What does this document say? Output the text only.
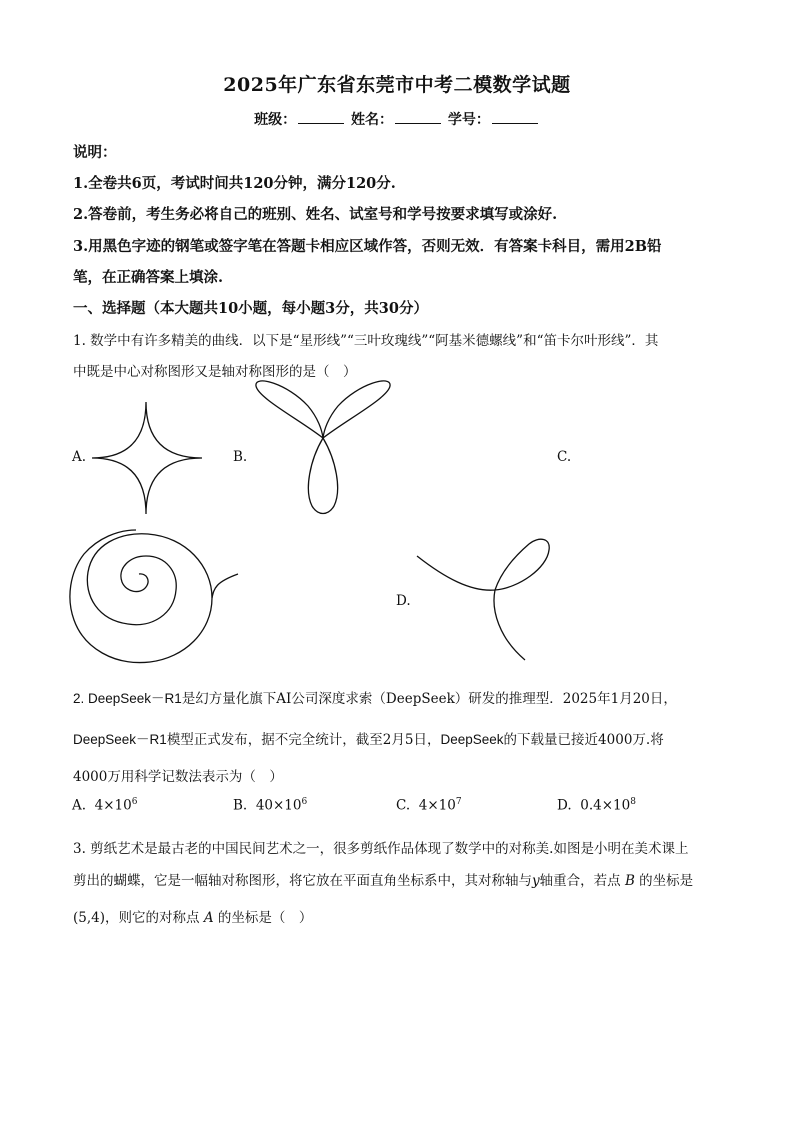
2025年广东省东莞市中考二模数学试题
班级：	姓名：	学号：
说明：
1.全卷共6页，考试时间共120分钟，满分120分.
2.答卷前，考生务必将自己的班别、姓名、试室号和学号按要求填写或涂好.
3.用黑色字迹的钢笔或签字笔在答题卡相应区域作答，否则无效．有答案卡科目，需用2B铅
笔，在正确答案上填涂.
一、选择题（本大题共10小题，每小题3分，共30分）
1. 数学中有许多精美的曲线．以下是“星形线”“三叶玫瑰线”“阿基米德螺线”和“笛卡尔叶形线”．其
中既是中心对称图形又是轴对称图形的是（　）
A.	B.	C.
D.
2. DeepSeek－R1是幻方量化旗下AI公司深度求索（DeepSeek）研发的推理型．2025年1月20日，
DeepSeek－R1模型正式发布，据不完全统计，截至2月5日，DeepSeek的下载量已接近4000万.将
4000万用科学记数法表示为（　）
A. $4\times 10^6$	B. $40\times 10^6$	C. $4\times 10^7$	D. $0.4\times 10^8$
3. 剪纸艺术是最古老的中国民间艺术之一，很多剪纸作品体现了数学中的对称美.如图是小明在美术课上
剪出的蝴蝶，它是一幅轴对称图形，将它放在平面直角坐标系中，其对称轴与y轴重合，若点 B 的坐标是
(5,4)，则它的对称点 A 的坐标是（　）
